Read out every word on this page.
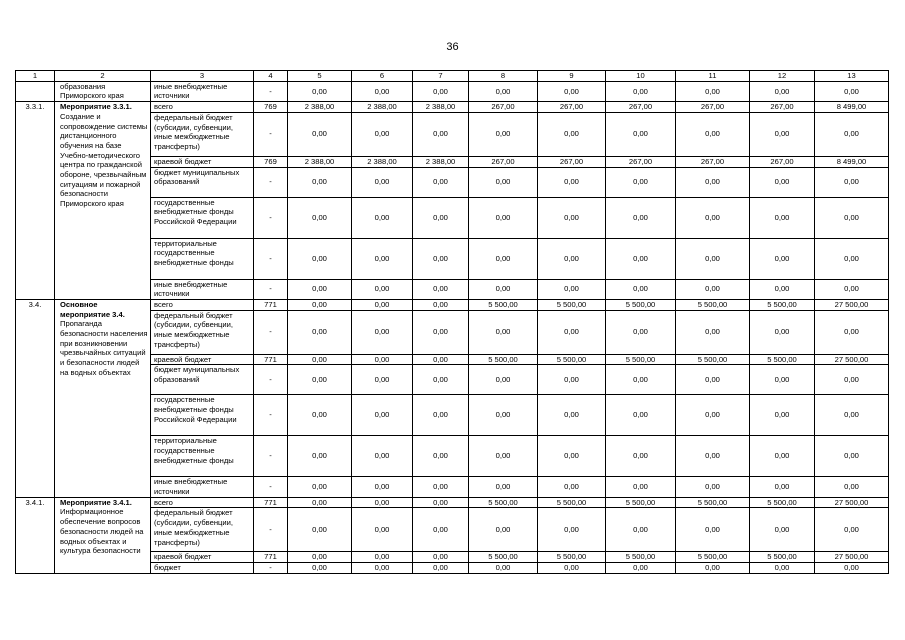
36
1	2	3	4	5	6	7	8	9	10	11	12	13
	образования Приморского края	иные внебюджетные источники	-	0,00	0,00	0,00	0,00	0,00	0,00	0,00	0,00	0,00
3.3.1.	Мероприятие 3.3.1. Создание и сопровождение системы дистанционного обучения на базе Учебно-методического центра по гражданской обороне, чрезвычайным ситуациям и пожарной безопасности Приморского края	всего	769	2 388,00	2 388,00	2 388,00	267,00	267,00	267,00	267,00	267,00	8 499,00
		федеральный бюджет (субсидии, субвенции, иные межбюджетные трансферты)	-	0,00	0,00	0,00	0,00	0,00	0,00	0,00	0,00	0,00
		краевой бюджет	769	2 388,00	2 388,00	2 388,00	267,00	267,00	267,00	267,00	267,00	8 499,00
		бюджет муниципальных образований	-	0,00	0,00	0,00	0,00	0,00	0,00	0,00	0,00	0,00
		государственные внебюджетные фонды Российской Федерации	-	0,00	0,00	0,00	0,00	0,00	0,00	0,00	0,00	0,00
		территориальные государственные внебюджетные фонды	-	0,00	0,00	0,00	0,00	0,00	0,00	0,00	0,00	0,00
		иные внебюджетные источники	-	0,00	0,00	0,00	0,00	0,00	0,00	0,00	0,00	0,00
3.4.	Основное мероприятие 3.4. Пропаганда безопасности населения при возникновении чрезвычайных ситуаций и безопасности людей на водных объектах	всего	771	0,00	0,00	0,00	5 500,00	5 500,00	5 500,00	5 500,00	5 500,00	27 500,00
		федеральный бюджет (субсидии, субвенции, иные межбюджетные трансферты)	-	0,00	0,00	0,00	0,00	0,00	0,00	0,00	0,00	0,00
		краевой бюджет	771	0,00	0,00	0,00	5 500,00	5 500,00	5 500,00	5 500,00	5 500,00	27 500,00
		бюджет муниципальных образований	-	0,00	0,00	0,00	0,00	0,00	0,00	0,00	0,00	0,00
		государственные внебюджетные фонды Российской Федерации	-	0,00	0,00	0,00	0,00	0,00	0,00	0,00	0,00	0,00
		территориальные государственные внебюджетные фонды	-	0,00	0,00	0,00	0,00	0,00	0,00	0,00	0,00	0,00
		иные внебюджетные источники	-	0,00	0,00	0,00	0,00	0,00	0,00	0,00	0,00	0,00
3.4.1.	Мероприятие 3.4.1. Информационное обеспечение вопросов безопасности людей на водных объектах и культура безопасности	всего	771	0,00	0,00	0,00	5 500,00	5 500,00	5 500,00	5 500,00	5 500,00	27 500,00
		федеральный бюджет (субсидии, субвенции, иные межбюджетные трансферты)	-	0,00	0,00	0,00	0,00	0,00	0,00	0,00	0,00	0,00
		краевой бюджет	771	0,00	0,00	0,00	5 500,00	5 500,00	5 500,00	5 500,00	5 500,00	27 500,00
		бюджет	-	0,00	0,00	0,00	0,00	0,00	0,00	0,00	0,00	0,00
